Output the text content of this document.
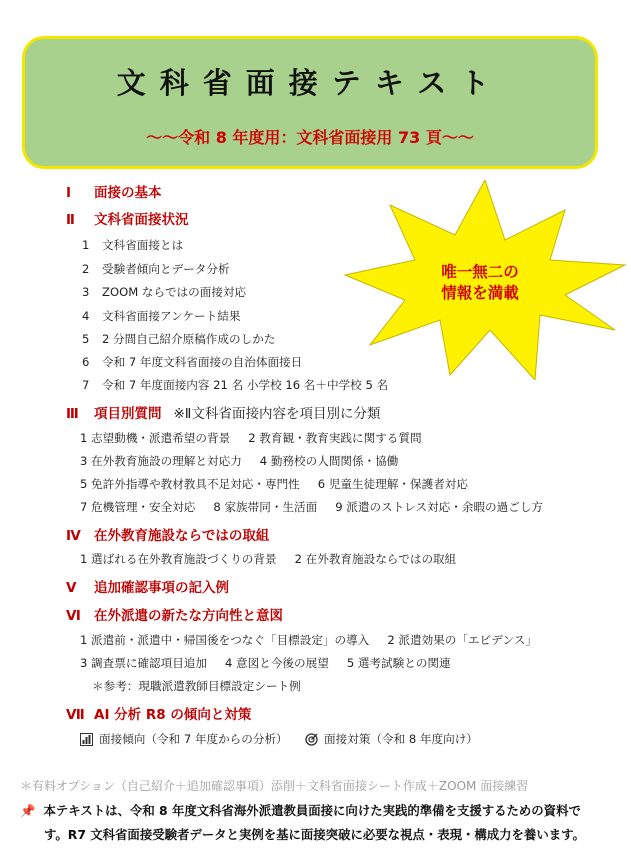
文科省面接テキスト
～～令和 8 年度用：文科省面接用 73 頁～～
Ⅰ 面接の基本
Ⅱ 文科省面接状況
1 文科省面接とは
2 受験者傾向とデータ分析
3 ZOOM ならではの面接対応
4 文科省面接アンケート結果
5 2 分間自己紹介原稿作成のしかた
6 令和 7 年度文科省面接の自治体面接日
7 令和 7 年度面接内容 21 名 小学校 16 名＋中学校 5 名
唯一無二の
情報を満載
Ⅲ 項目別質問 ※Ⅱ文科省面接内容を項目別に分類
1 志望動機・派遣希望の背景 2 教育観・教育実践に関する質問
3 在外教育施設の理解と対応力 4 勤務校の人間関係・協働
5 免許外指導や教材教具不足対応・専門性 6 児童生徒理解・保護者対応
7 危機管理・安全対応 8 家族帯同・生活面 9 派遣のストレス対応・余暇の過ごし方
Ⅳ 在外教育施設ならではの取組
1 選ばれる在外教育施設づくりの背景 2 在外教育施設ならではの取組
Ⅴ 追加確認事項の記入例
Ⅵ 在外派遣の新たな方向性と意図
1 派遣前・派遣中・帰国後をつなぐ「目標設定」の導入 2 派遣効果の「エビデンス」
3 調査票に確認項目追加 4 意図と今後の展望 5 選考試験との関連
＊参考：現職派遣教師目標設定シート例
Ⅶ AI 分析 R8 の傾向と対策
面接傾向（令和 7 年度からの分析）	面接対策（令和 8 年度向け）
＊有料オプション（自己紹介＋追加確認事項）添削＋文科省面接シート作成＋ZOOM 面接練習
📌 本テキストは、令和 8 年度文科省海外派遣教員面接に向けた実践的準備を支援するための資料で
す。R7 文科省面接受験者データと実例を基に面接突破に必要な視点・表現・構成力を養います。
